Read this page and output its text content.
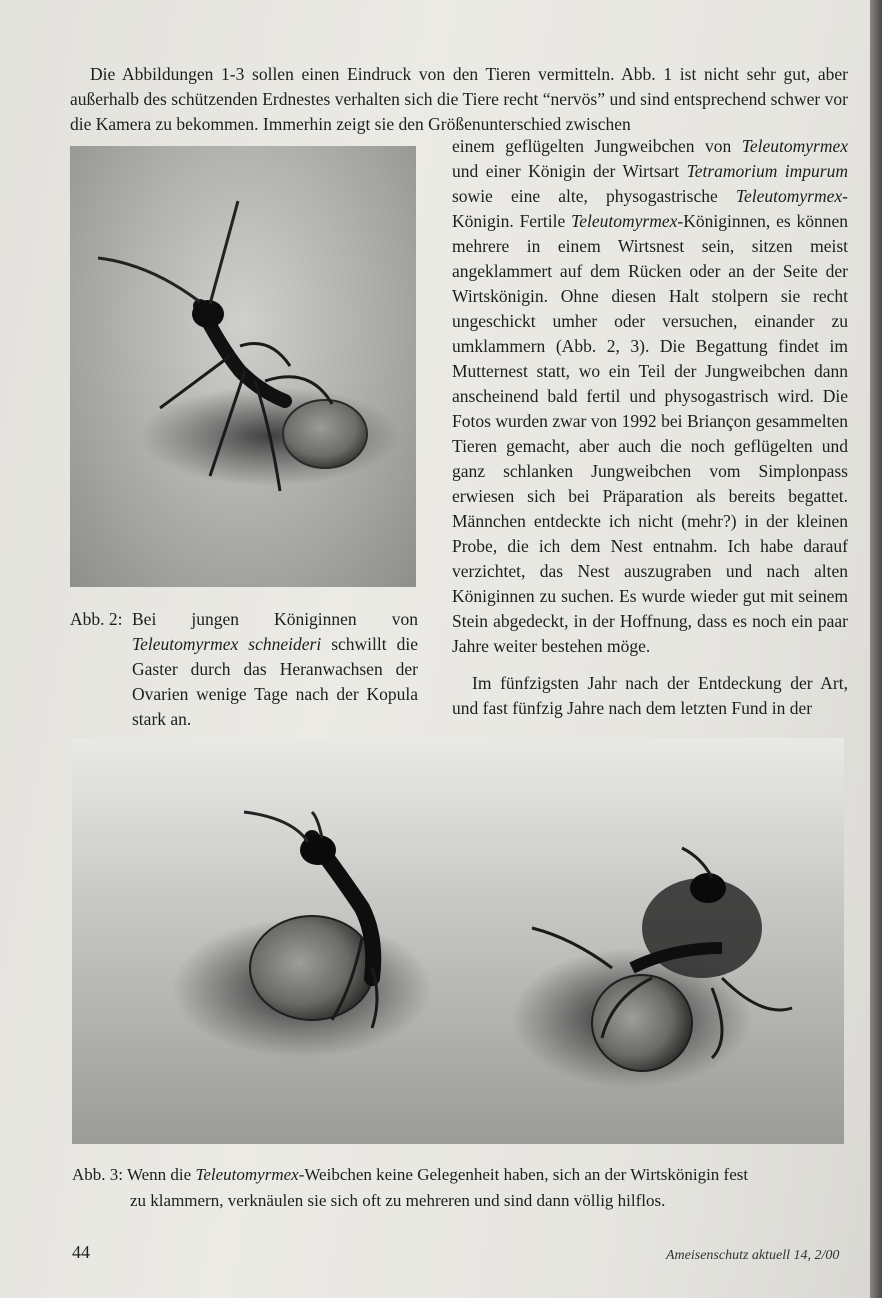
Die Abbildungen 1-3 sollen einen Eindruck von den Tieren vermitteln. Abb. 1 ist nicht sehr gut, aber außerhalb des schützenden Erdnestes verhalten sich die Tiere recht “nervös” und sind entsprechend schwer vor die Kamera zu bekommen. Immerhin zeigt sie den Größenunterschied zwischen

einem geflügelten Jungweibchen von Teleutomyrmex und einer Königin der Wirtsart Tetramorium impurum sowie eine alte, physogastrische Teleutomyrmex-Königin. Fertile Teleutomyrmex-Königinnen, es können mehrere in einem Wirtsnest sein, sitzen meist angeklammert auf dem Rücken oder an der Seite der Wirtskönigin. Ohne diesen Halt stolpern sie recht ungeschickt umher oder versuchen, einander zu umklammern (Abb. 2, 3). Die Begattung findet im Mutternest statt, wo ein Teil der Jungweibchen dann anscheinend bald fertil und physogastrisch wird. Die Fotos wurden zwar von 1992 bei Briançon gesammelten Tieren gemacht, aber auch die noch geflügelten und ganz schlanken Jungweibchen vom Simplonpass erwiesen sich bei Präparation als bereits begattet. Männchen entdeckte ich nicht (mehr?) in der kleinen Probe, die ich dem Nest entnahm. Ich habe darauf verzichtet, das Nest auszugraben und nach alten Königinnen zu suchen. Es wurde wieder gut mit seinem Stein abgedeckt, in der Hoffnung, dass es noch ein paar Jahre weiter bestehen möge.

Im fünfzigsten Jahr nach der Entdeckung der Art, und fast fünfzig Jahre nach dem letzten Fund in der

Abb. 2: Bei jungen Königinnen von Teleutomyrmex schneideri schwillt die Gaster durch das Heranwachsen der Ovarien wenige Tage nach der Kopula stark an.
Abb. 3: Wenn die Teleutomyrmex-Weibchen keine Gelegenheit haben, sich an der Wirtskönigin fest
zu klammern, verknäulen sie sich oft zu mehreren und sind dann völlig hilflos.
44	Ameisenschutz aktuell 14, 2/00
